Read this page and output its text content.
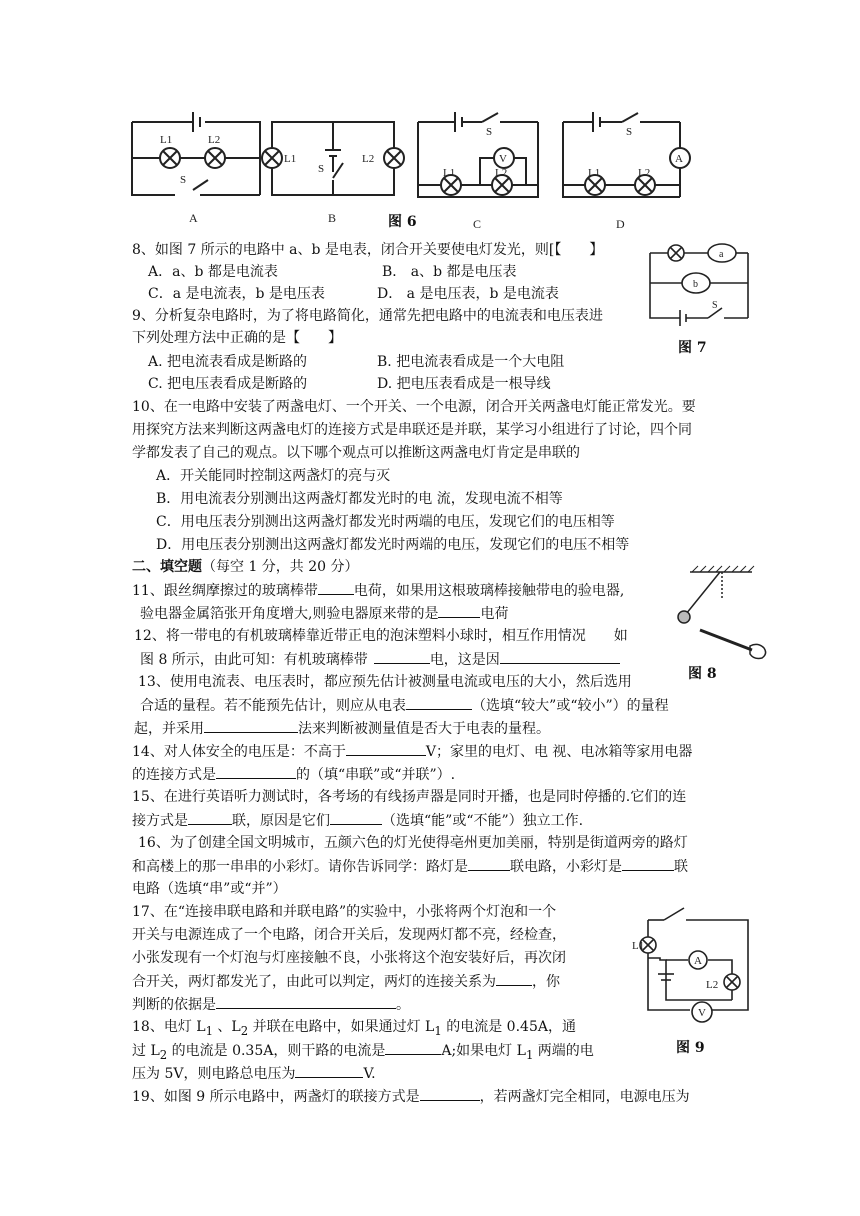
L1	L2
S
L1	L2
S
S
V
L1	L2
S
A
L1	L2
A	B	C	D
图 6
a
b
S
图 7
图 8
A
V
L1
L2
图 9
8、如图 7 所示的电路中 a、b 是电表，闭合开关要使电灯发光，则[【　　】
A．a、b 都是电流表	B． a、b 都是电压表
C．a 是电流表，b 是电压表	D． a 是电压表，b 是电流表
9、分析复杂电路时，为了将电路简化，通常先把电路中的电流表和电压表进
下列处理方法中正确的是【　　】
A. 把电流表看成是断路的	B. 把电流表看成是一个大电阻
C. 把电压表看成是断路的	D. 把电压表看成是一根导线
10、在一电路中安装了两盏电灯、一个开关、一个电源，闭合开关两盏电灯能正常发光。要
用探究方法来判断这两盏电灯的连接方式是串联还是并联，某学习小组进行了讨论，四个同
学都发表了自己的观点。以下哪个观点可以推断这两盏电灯肯定是串联的
A．开关能同时控制这两盏灯的亮与灭
B．用电流表分别测出这两盏灯都发光时的电 流，发现电流不相等
C．用电压表分别测出这两盏灯都发光时两端的电压，发现它们的电压相等
D．用电压表分别测出这两盏灯都发光时两端的电压，发现它们的电压不相等
二、填空题（每空 1 分，共 20 分）
11、跟丝绸摩擦过的玻璃棒带	电荷，如果用这根玻璃棒接触带电的验电器,
验电器金属箔张开角度增大,则验电器原来带的是	电荷
12、将一带电的有机玻璃棒靠近带正电的泡沫塑料小球时，相互作用情况　　如
图 8 所示，由此可知：有机玻璃棒带	电，这是因
13、使用电流表、电压表时，都应预先估计被测量电流或电压的大小，然后选用
合适的量程。若不能预先估计，则应从电表	（选填“较大”或“较小”）的量程
起，并采用	法来判断被测量值是否大于电表的量程。
14、对人体安全的电压是：不高于	V；家里的电灯、电 视、电冰箱等家用电器
的连接方式是	的（填“串联”或“并联”）.
15、在进行英语听力测试时，各考场的有线扬声器是同时开播，也是同时停播的.它们的连
接方式是	联，原因是它们	（选填“能”或“不能”）独立工作.
16、为了创建全国文明城市，五颜六色的灯光使得亳州更加美丽，特别是街道两旁的路灯
和高楼上的那一串串的小彩灯。请你告诉同学：路灯是	联电路，小彩灯是	联
电路（选填“串”或“并”）
17、在“连接串联电路和并联电路”的实验中，小张将两个灯泡和一个
开关与电源连成了一个电路，闭合开关后，发现两灯都不亮，经检查，
小张发现有一个灯泡与灯座接触不良，小张将这个泡安装好后，再次闭
合开关，两灯都发光了，由此可以判定，两灯的连接关系为	，你
判断的依据是	。
18、电灯 $L_1$ 、$L_2$ 并联在电路中，如果通过灯 $L_1$ 的电流是 0.45A，通
过 $L_2$ 的电流是 0.35A，则干路的电流是	A;如果电灯 $L_1$ 两端的电
压为 5V，则电路总电压为	V.
19、如图 9 所示电路中，两盏灯的联接方式是	，若两盏灯完全相同，电源电压为
